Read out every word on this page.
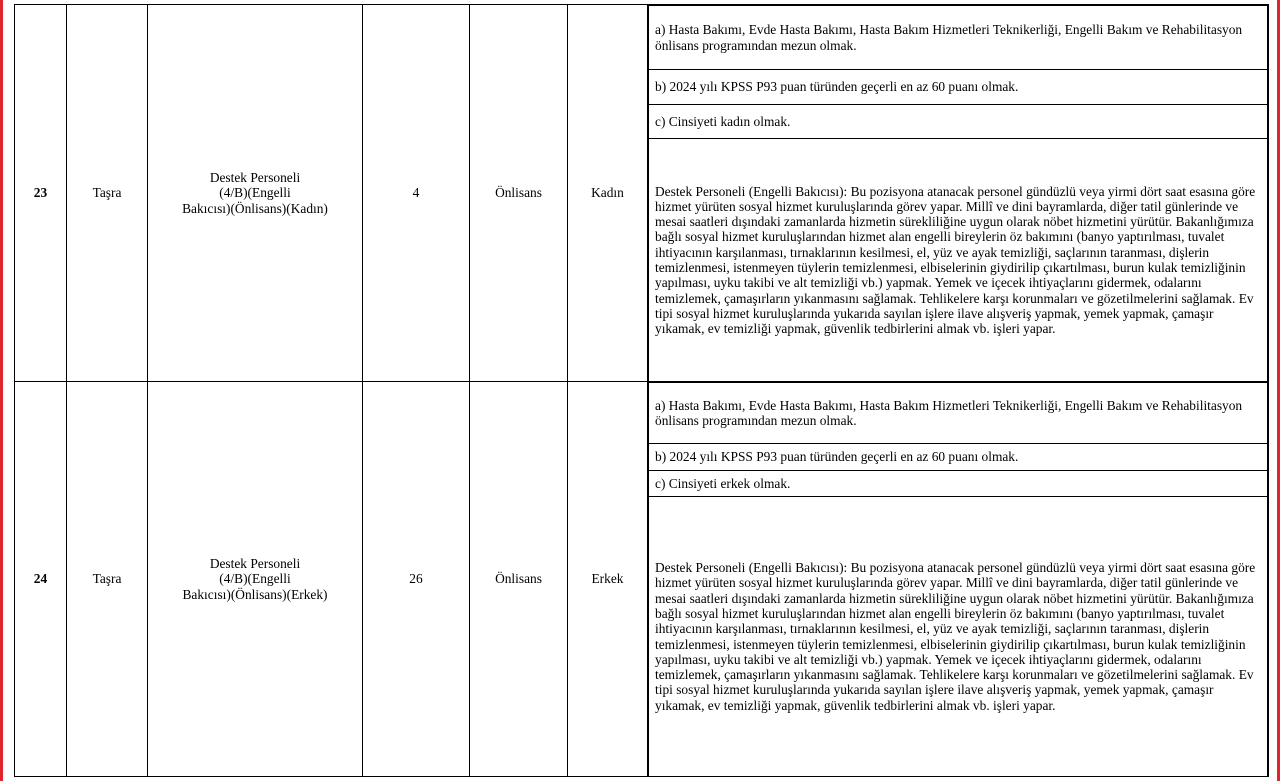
23	Taşra	Destek Personeli
(4/B)(Engelli
Bakıcısı)(Önlisans)(Kadın)	4	Önlisans	Kadın	
a) Hasta Bakımı, Evde Hasta Bakımı, Hasta Bakım Hizmetleri Teknikerliği, Engelli Bakım ve Rehabilitasyon önlisans programından mezun olmak.
b) 2024 yılı KPSS P93 puan türünden geçerli en az 60 puanı olmak.
c) Cinsiyeti kadın olmak.
Destek Personeli (Engelli Bakıcısı): Bu pozisyona atanacak personel gündüzlü veya yirmi dört saat esasına göre hizmet yürüten sosyal hizmet kuruluşlarında görev yapar. Millî ve dini bayramlarda, diğer tatil günlerinde ve mesai saatleri dışındaki zamanlarda hizmetin sürekliliğine uygun olarak nöbet hizmetini yürütür. Bakanlığımıza bağlı sosyal hizmet kuruluşlarından hizmet alan engelli bireylerin öz bakımını (banyo yaptırılması, tuvalet ihtiyacının karşılanması, tırnaklarının kesilmesi, el, yüz ve ayak temizliği, saçlarının taranması, dişlerin temizlenmesi, istenmeyen tüylerin temizlenmesi, elbiselerinin giydirilip çıkartılması, burun kulak temizliğinin yapılması, uyku takibi ve alt temizliği vb.) yapmak. Yemek ve içecek ihtiyaçlarını gidermek, odalarını temizlemek, çamaşırların yıkanmasını sağlamak. Tehlikelere karşı korunmaları ve gözetilmelerini sağlamak. Ev tipi sosyal hizmet kuruluşlarında yukarıda sayılan işlere ilave alışveriş yapmak, yemek yapmak, çamaşır yıkamak, ev temizliği yapmak, güvenlik tedbirlerini almak vb. işleri yapar.

24	Taşra	Destek Personeli
(4/B)(Engelli
Bakıcısı)(Önlisans)(Erkek)	26	Önlisans	Erkek	
a) Hasta Bakımı, Evde Hasta Bakımı, Hasta Bakım Hizmetleri Teknikerliği, Engelli Bakım ve Rehabilitasyon önlisans programından mezun olmak.
b) 2024 yılı KPSS P93 puan türünden geçerli en az 60 puanı olmak.
c) Cinsiyeti erkek olmak.
Destek Personeli (Engelli Bakıcısı): Bu pozisyona atanacak personel gündüzlü veya yirmi dört saat esasına göre hizmet yürüten sosyal hizmet kuruluşlarında görev yapar. Millî ve dini bayramlarda, diğer tatil günlerinde ve mesai saatleri dışındaki zamanlarda hizmetin sürekliliğine uygun olarak nöbet hizmetini yürütür. Bakanlığımıza bağlı sosyal hizmet kuruluşlarından hizmet alan engelli bireylerin öz bakımını (banyo yaptırılması, tuvalet ihtiyacının karşılanması, tırnaklarının kesilmesi, el, yüz ve ayak temizliği, saçlarının taranması, dişlerin temizlenmesi, istenmeyen tüylerin temizlenmesi, elbiselerinin giydirilip çıkartılması, burun kulak temizliğinin yapılması, uyku takibi ve alt temizliği vb.) yapmak. Yemek ve içecek ihtiyaçlarını gidermek, odalarını temizlemek, çamaşırların yıkanmasını sağlamak. Tehlikelere karşı korunmaları ve gözetilmelerini sağlamak. Ev tipi sosyal hizmet kuruluşlarında yukarıda sayılan işlere ilave alışveriş yapmak, yemek yapmak, çamaşır yıkamak, ev temizliği yapmak, güvenlik tedbirlerini almak vb. işleri yapar.
